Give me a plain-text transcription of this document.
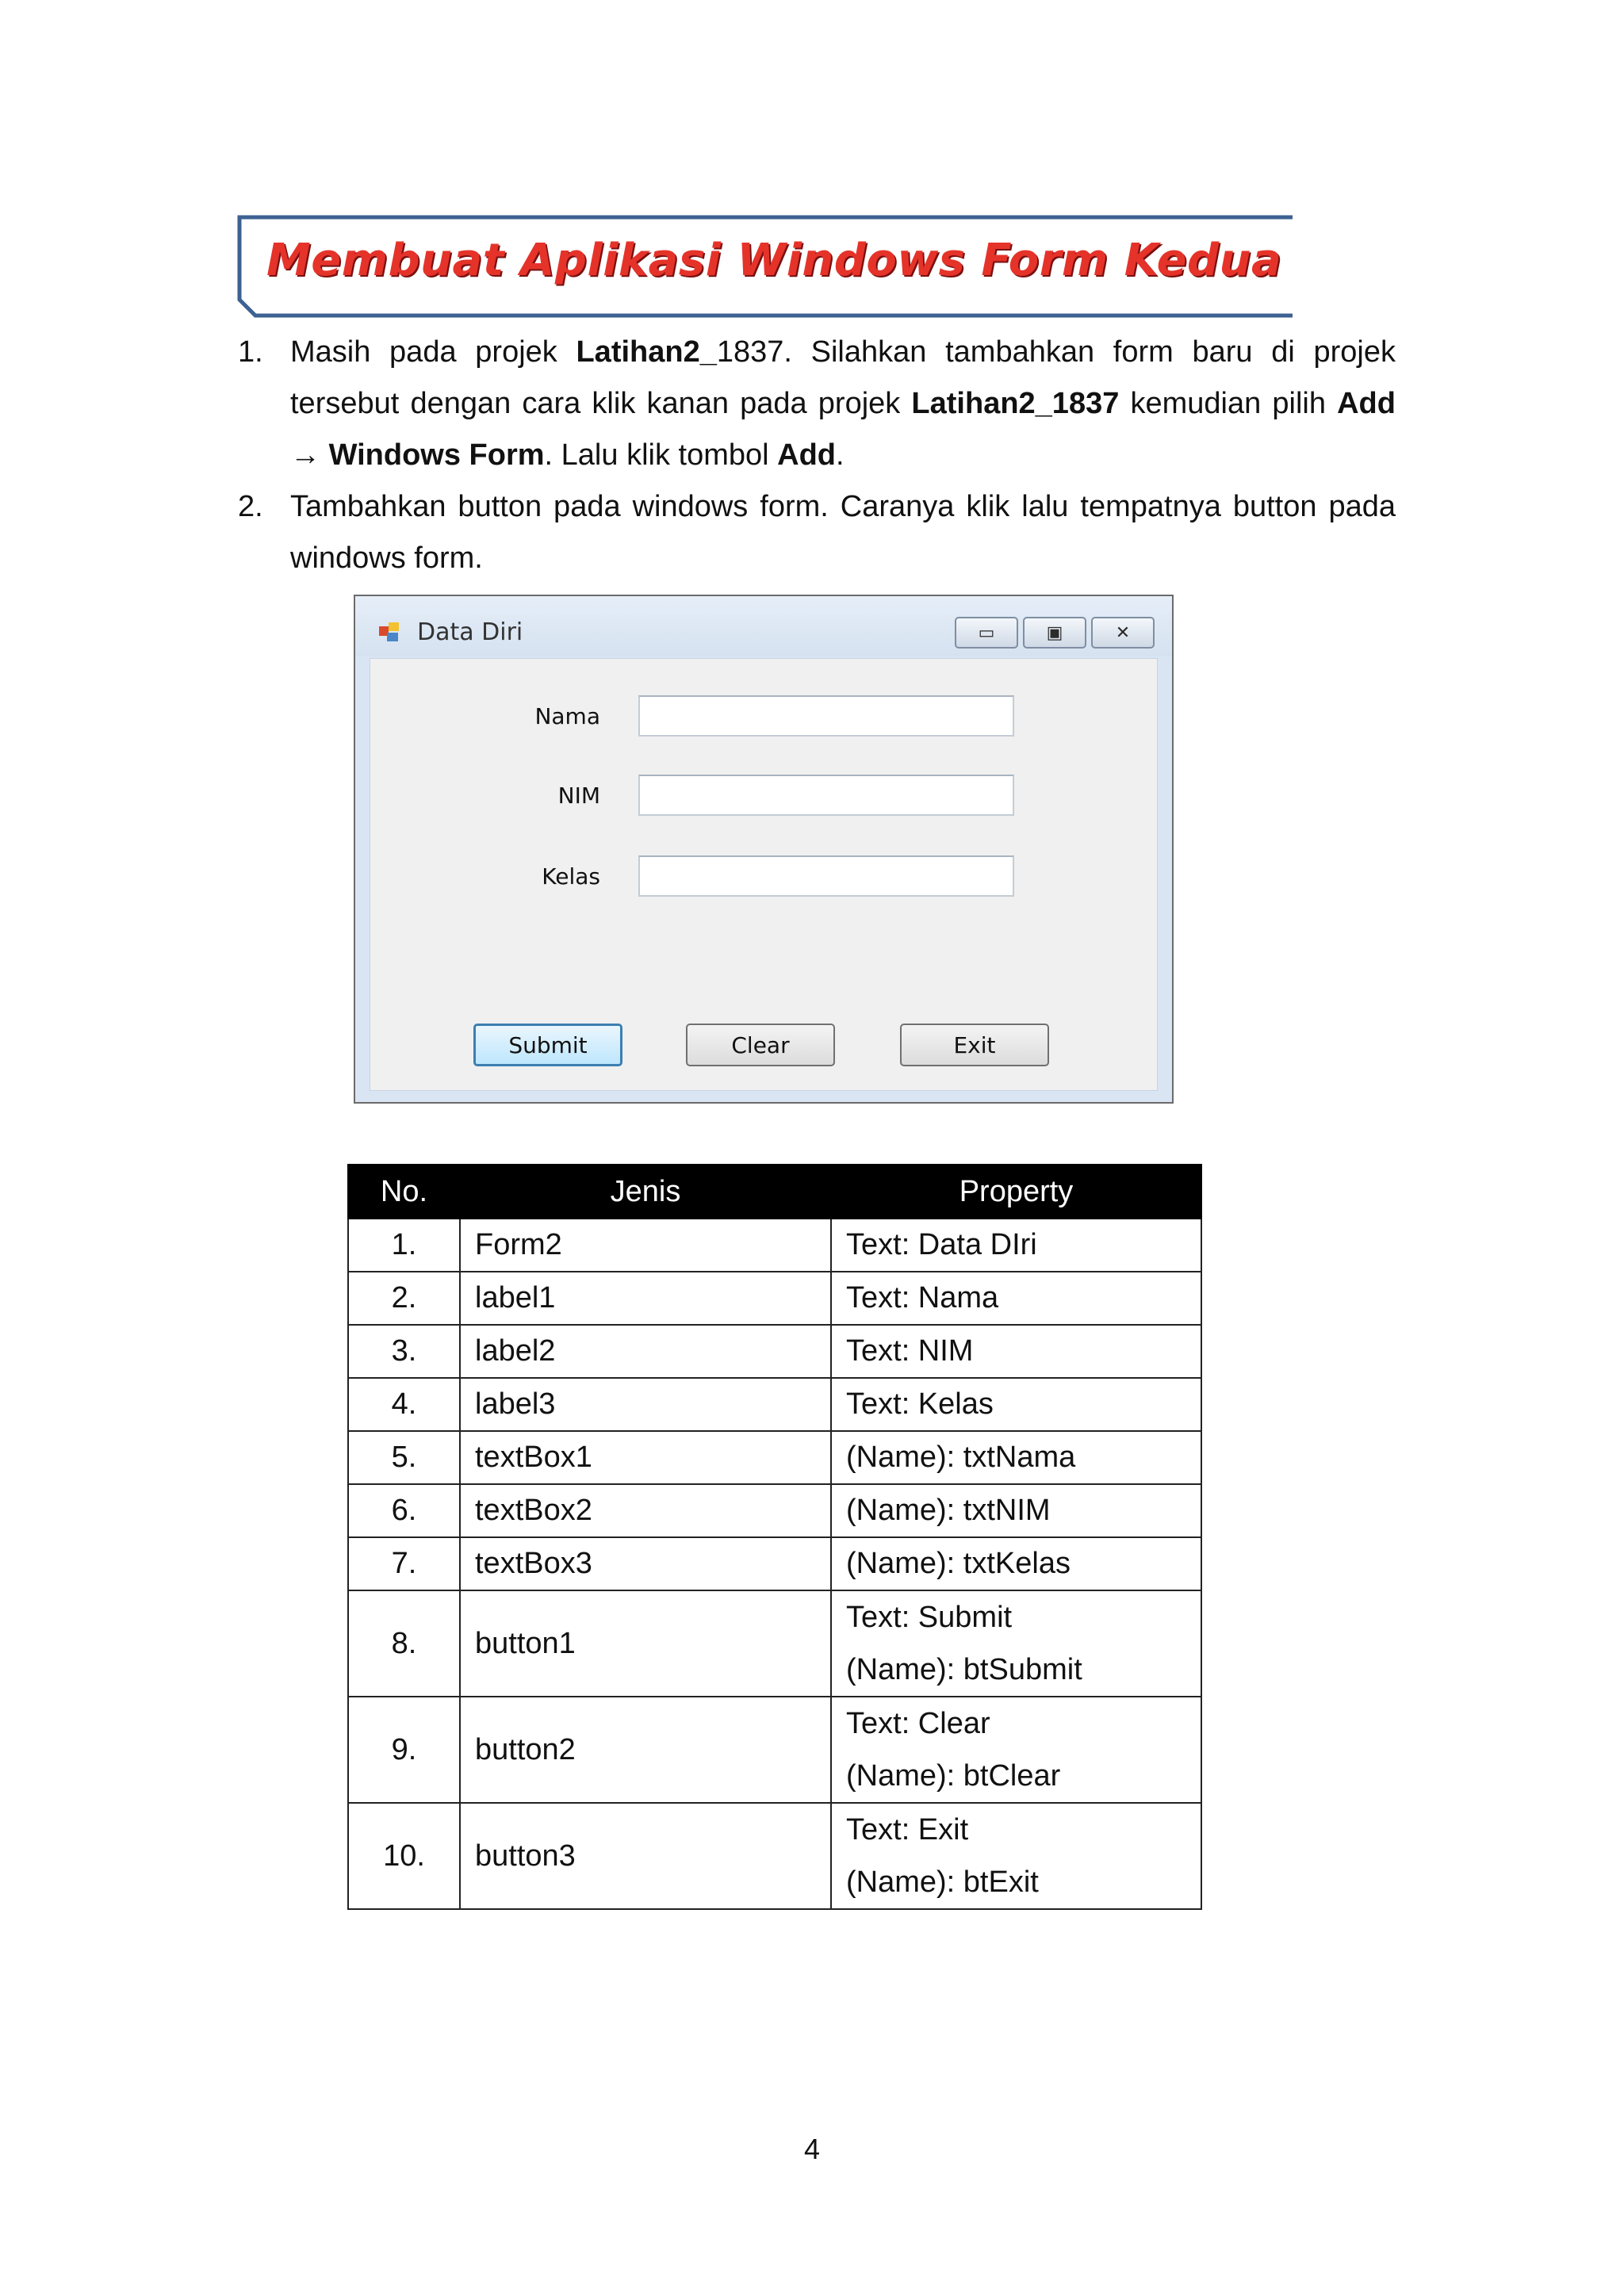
Membuat Aplikasi Windows Form Kedua
1. Masih pada projek Latihan2_1837. Silahkan tambahkan form baru di projek tersebut dengan cara klik kanan pada projek Latihan2_1837 kemudian pilih Add → Windows Form. Lalu klik tombol Add.
2. Tambahkan button pada windows form. Caranya klik lalu tempatnya button pada windows form.
Data Diri	▭	▣	✕
Nama
NIM
Kelas
Submit	Clear	Exit
No.	Jenis	Property
1.	Form2	Text: Data DIri

2.	label1	Text: Nama

3.	label2	Text: NIM

4.	label3	Text: Kelas

5.	textBox1	(Name): txtNama

6.	textBox2	(Name): txtNIM

7.	textBox3	(Name): txtKelas

8.	button1	Text: Submit
(Name): btSubmit

9.	button2	Text: Clear
(Name): btClear

10.	button3	Text: Exit
(Name): btExit
4
